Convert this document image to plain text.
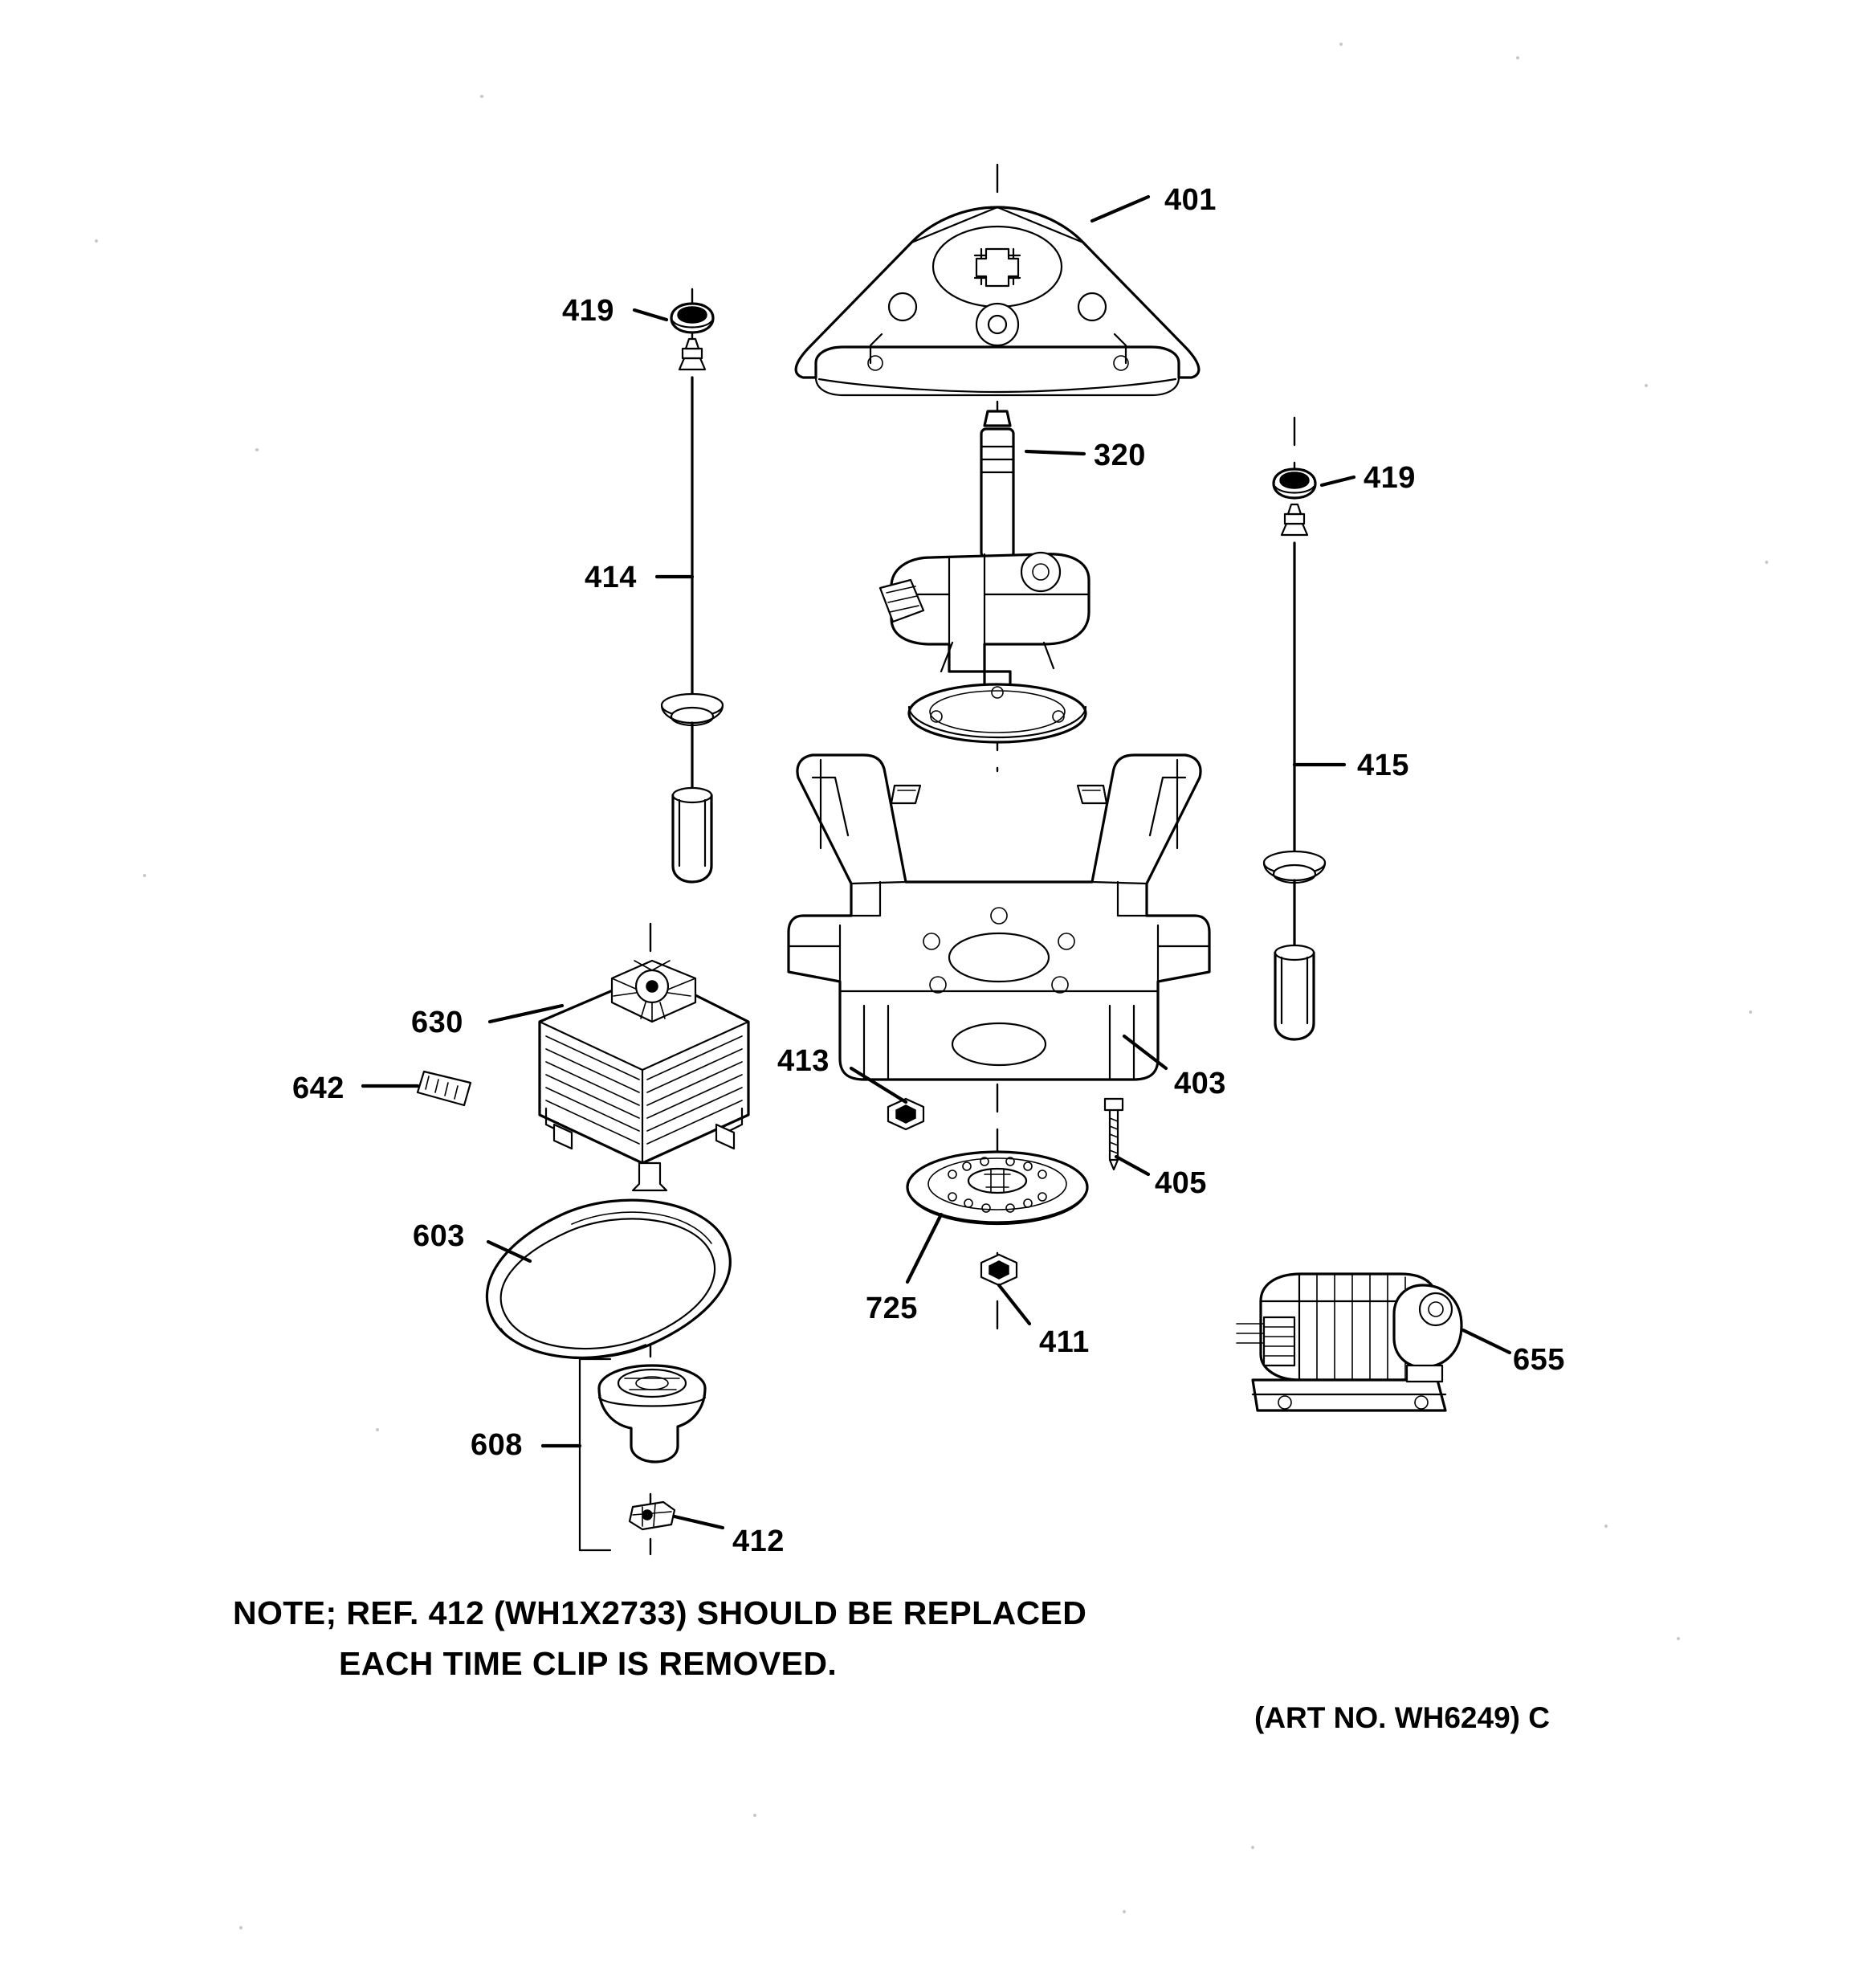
401
419
320
419
414
415
630
413
403
642
405
603
725
411
655
608
412
NOTE; REF. 412 (WH1X2733) SHOULD BE REPLACED
EACH TIME CLIP IS REMOVED.
(ART NO. WH6249) C
